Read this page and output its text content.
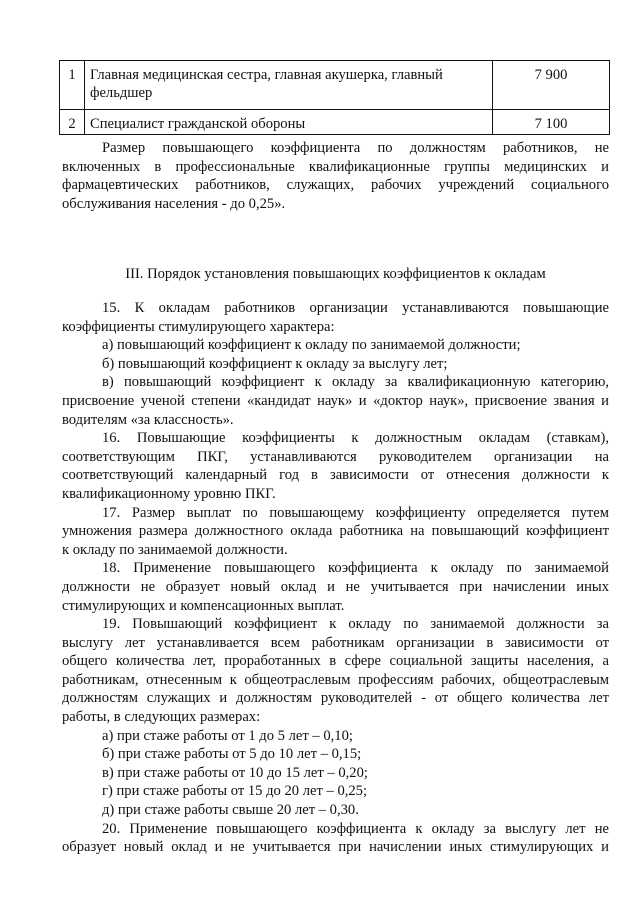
1	Главная медицинская сестра, главная акушерка, главный
фельдшер	7 900
2	Специалист гражданской обороны	7 100

Размер повышающего коэффициента по должностям работников, не

включенных в профессиональные квалификационные группы медицинских и

фармацевтических работников, служащих, рабочих учреждений социального

обслуживания населения - до 0,25».

III. Порядок установления повышающих коэффициентов к окладам

15. К окладам работников организации устанавливаются повышающие

коэффициенты стимулирующего характера:

а) повышающий коэффициент к окладу по занимаемой должности;

б) повышающий коэффициент к окладу за выслугу лет;

в) повышающий коэффициент к окладу за квалификационную категорию,

присвоение ученой степени «кандидат наук» и «доктор наук», присвоение звания и

водителям «за классность».

16. Повышающие коэффициенты к должностным окладам (ставкам),

соответствующим ПКГ, устанавливаются руководителем организации на

соответствующий календарный год в зависимости от отнесения должности к

квалификационному уровню ПКГ.

17. Размер выплат по повышающему коэффициенту определяется путем

умножения размера должностного оклада работника на повышающий коэффициент

к окладу по занимаемой должности.

18. Применение повышающего коэффициента к окладу по занимаемой

должности не образует новый оклад и не учитывается при начислении иных

стимулирующих и компенсационных выплат.

19. Повышающий коэффициент к окладу по занимаемой должности за

выслугу лет устанавливается всем работникам организации в зависимости от

общего количества лет, проработанных в сфере социальной защиты населения, а

работникам, отнесенным к общеотраслевым профессиям рабочих, общеотраслевым

должностям служащих и должностям руководителей - от общего количества лет

работы, в следующих размерах:

а) при стаже работы от 1 до 5 лет – 0,10;

б) при стаже работы от 5 до 10 лет – 0,15;

в) при стаже работы от 10 до 15 лет – 0,20;

г) при стаже работы от 15 до 20 лет – 0,25;

д) при стаже работы свыше 20 лет – 0,30.

20. Применение повышающего коэффициента к окладу за выслугу лет не

образует новый оклад и не учитывается при начислении иных стимулирующих и
